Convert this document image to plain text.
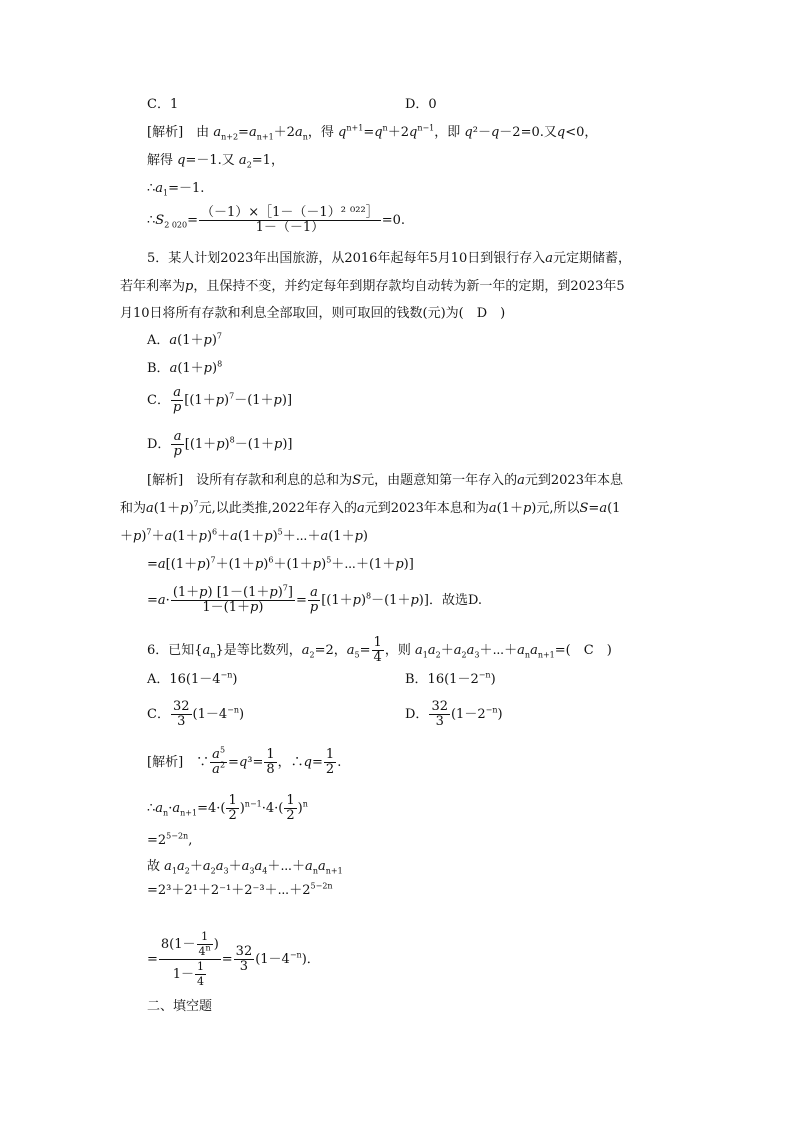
C．1	D．0
[解析]　 由 $a_{n+2}=a_{n+1}+2a_n$，得 $q^{n+1}=q^n+2q^{n-1}$，即 q²－q－2=0.又q<0，
解得 q=－1.又 $a_2=1$，
$\therefore a_1=-1$.
$\therefore S_{2 020}= \frac{\text{（－1）×［1－（－1）² ⁰²²］}}{1-(-1)} =0$.
5．某人计划2023年出国旅游，从2016年起每年5月10日到银行存入a元定期储蓄，
若年利率为p，且保持不变，并约定每年到期存款均自动转为新一年的定期，到2023年5
月10日将所有存款和利息全部取回，则可取回的钱数(元)为(　D　)
A．$a(1+p)^7$
B．$a(1+p)^8$
C． $\frac{a}{p} [(1+p)^7-(1+p)]$
D． $\frac{a}{p} [(1+p)^8-(1+p)]$
[解析]　 设所有存款和利息的总和为S元，由题意知第一年存入的a元到2023年本息
和为$a(1+p)^7$元,以此类推,2022年存入的a元到2023年本息和为a(1＋p)元,所以S=a(1
$+p)^7+a(1+p)^6+a(1+p)^5+\cdots+a(1+p)$
$=a[(1+p)^7+(1+p)^6+(1+p)^5+\cdots+(1+p)]$
$=a\cdot \frac{(1+p) [1-(1+p)^7]}{1-(1+p)} = \frac{a}{p} [(1+p)^8-(1+p)]$．故选D.
6．已知$\{a_n\}$是等比数列，$a_2=2$，$a_5= \frac{1}{4}$ ，则 $a_1a_2+a_2a_3+\cdots+a_na_{n+1}=$(　C　)
A．$16(1-4^{-n})$	B．$16(1-2^{-n})$
C． $\frac{32}{3} (1-4^{-n})$	D． $\frac{32}{3} (1-2^{-n})$
[解析]　∵ $\frac{a^5}{a^2} =q^3= \frac{1}{8}$ ，∴q= $\frac{1}{2}$ .
$\therefore a_n\cdot a_{n+1}=4\cdot( \frac{1}{2} )^{n-1}\cdot 4\cdot( \frac{1}{2} )^n$
$=2^{5-2n}$,
故 $a_1a_2+a_2a_3+a_3a_4+\cdots+a_na_{n+1}$
$=2^3+2^1+2^{-1}+2^{-3}+\cdots+2^{5-2n}$
= $\frac{8(1- \frac{1}{4^n} )}{1- \frac{1}{4}} = \frac{32}{3} (1-4^{-n})$．
二、填空题
